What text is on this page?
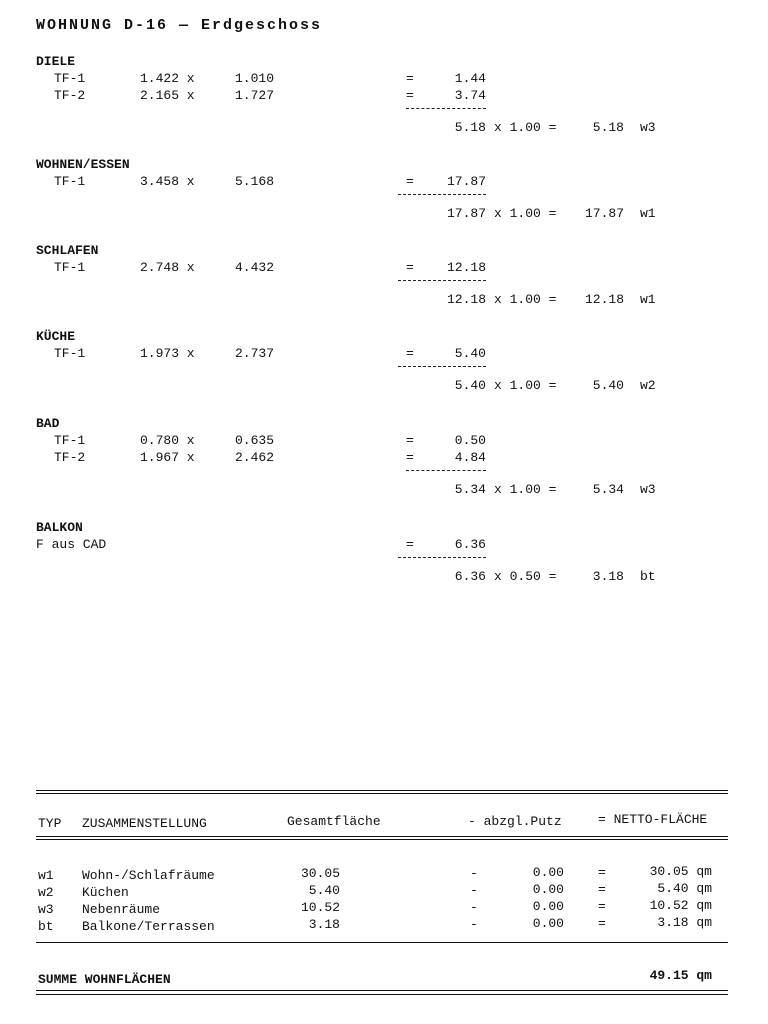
WOHNUNG D-16 — Erdgeschoss
DIELE
TF-1	1.422 x	1.010	=	1.44
TF-2	2.165 x	1.727	=	3.74
5.18 x 1.00 =	5.18 w3
WOHNEN/ESSEN
TF-1	3.458 x	5.168	=	17.87
17.87 x 1.00 =	17.87 w1
SCHLAFEN
TF-1	2.748 x	4.432	=	12.18
12.18 x 1.00 =	12.18 w1
KÜCHE
TF-1	1.973 x	2.737	=	5.40
5.40 x 1.00 =	5.40 w2
BAD
TF-1	0.780 x	0.635	=	0.50
TF-2	1.967 x	2.462	=	4.84
5.34 x 1.00 =	5.34 w3
BALKON
F aus CAD	=	6.36
6.36 x 0.50 =	3.18 bt
TYP ZUSAMMENSTELLUNG	Gesamtfläche	- abzgl.Putz	= NETTO-FLÄCHE
w1 Wohn-/Schlafräume	30.05	-	0.00	=	30.05 qm
w2 Küchen	5.40	-	0.00	=	5.40 qm
w3 Nebenräume	10.52	-	0.00	=	10.52 qm
bt Balkone/Terrassen	3.18	-	0.00	=	3.18 qm
SUMME WOHNFLÄCHEN	49.15 qm
